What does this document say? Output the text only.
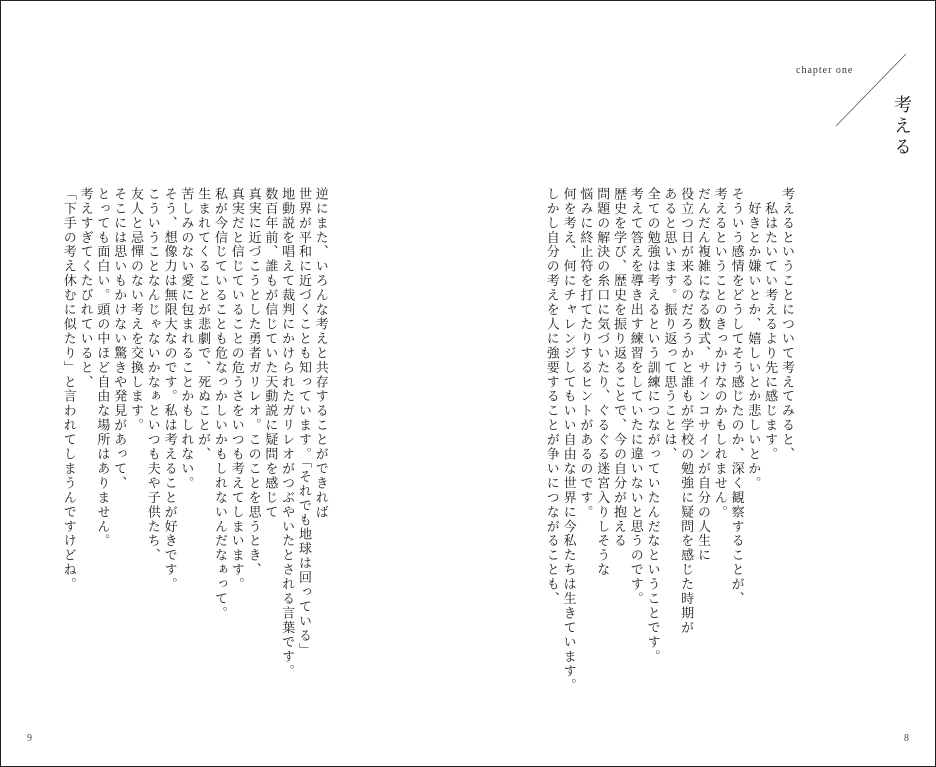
chapter one
考える
考えるということについて考えてみると、
　私はたいてい考えるより先に感じます。
　好きとか嫌いとか、嬉しいとか悲しいとか。
そういう感情をどうしてそう感じたのか、深く観察することが、
考えるということのきっかけなのかもしれません。
だんだん複雑になる数式、サインコサインが自分の人生に
役立つ日が来るのだろうかと誰もが学校の勉強に疑問を感じた時期が
あると思います。振り返って思うことは、
全ての勉強は考えるという訓練につながっていたんだなということです。
考えて答えを導き出す練習をしていたに違いないと思うのです。
歴史を学び、歴史を振り返ることで、今の自分が抱える
問題の解決の糸口に気づいたり、ぐるぐる迷宮入りしそうな
悩みに終止符を打てたりするヒントがあるのです。
何を考え、何にチャレンジしてもいい自由な世界に今私たちは生きています。
しかし自分の考えを人に強要することが争いにつながることも、
逆にまた、いろんな考えと共存することができれば
世界が平和に近づくことも知っています。「それでも地球は回っている」
地動説を唱えて裁判にかけられたガリレオがつぶやいたとされる言葉です。
数百年前、誰もが信じていた天動説に疑問を感じて
真実に近づこうとした勇者ガリレオ。このことを思うとき、
真実だと信じていることの危うさをいつも考えてしまいます。
私が今信じていることも危なっかしいかもしれないんだなぁって。
生まれてくることが悲劇で、死ぬことが、
苦しみのない愛に包まれることかもしれない。
そう、想像力は無限大なのです。私は考えることが好きです。
こういうことなんじゃないかなぁといつも夫や子供たち、
友人と忌憚のない考えを交換します。
そこには思いもかけない驚きや発見があって、
とっても面白い。頭の中ほど自由な場所はありません。
考えすぎてくたびれていると、
「下手の考え休むに似たり」と言われてしまうんですけどね。
9	8
